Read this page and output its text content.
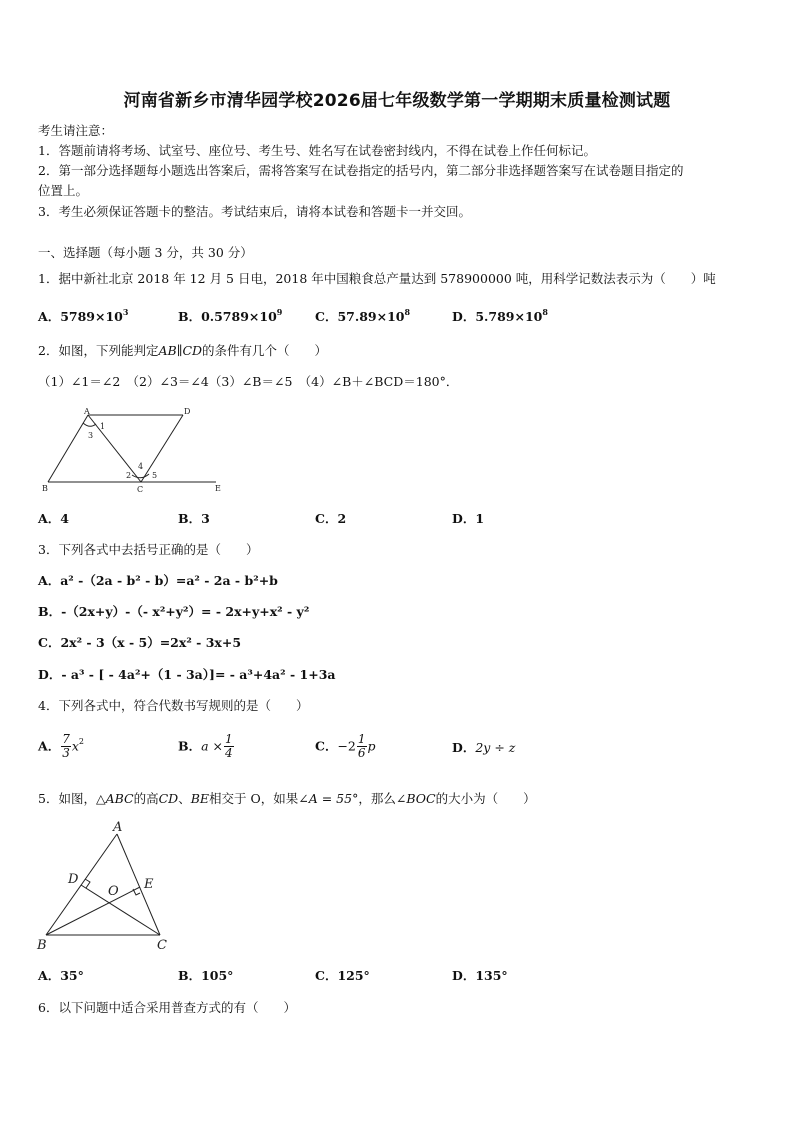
河南省新乡市清华园学校2026届七年级数学第一学期期末质量检测试题
考生请注意：
1．答题前请将考场、试室号、座位号、考生号、姓名写在试卷密封线内，不得在试卷上作任何标记。
2．第一部分选择题每小题选出答案后，需将答案写在试卷指定的括号内，第二部分非选择题答案写在试卷题目指定的
位置上。
3．考生必须保证答题卡的整洁。考试结束后，请将本试卷和答题卡一并交回。
一、选择题（每小题 3 分，共 30 分）
1．据中新社北京 2018 年 12 月 5 日电，2018 年中国粮食总产量达到 578900000 吨，用科学记数法表示为（　　）吨
A．$5789\times 10^3$	B．$0.5789\times 10^9$	C．$57.89\times 10^8$	D．$5.789\times 10^8$
2．如图，下列能判定AB∥CD的条件有几个（　　）
（1）∠1＝∠2　（2）∠3＝∠4（3）∠B＝∠5　（4）∠B＋∠BCD＝180°．
A	D
B	C	E
1
3
2
4
5
A．4	B．3	C．2	D．1
3．下列各式中去括号正确的是（　　）
A．a² -（2a - b² - b）=a² - 2a - b²+b
B．-（2x+y）-（- x²+y²）= - 2x+y+x² - y²
C．2x² - 3（x - 5）=2x² - 3x+5
D．- a³ - [ - 4a²+（1 - 3a）]= - a³+4a² - 1+3a
4．下列各式中，符合代数书写规则的是（　　）
A． $\frac{7}{3} x^2$	B．$a \times \frac{1}{4}$	C．$-2 \frac{1}{6}$ p	D．2y ÷ z
5．如图，△ABC的高CD、BE相交于 O，如果∠A = 55°，那么∠BOC的大小为（　　）
A
D
O E
B	C
A．35°	B．105°	C．125°	D．135°
6．以下问题中适合采用普查方式的有（　　）
